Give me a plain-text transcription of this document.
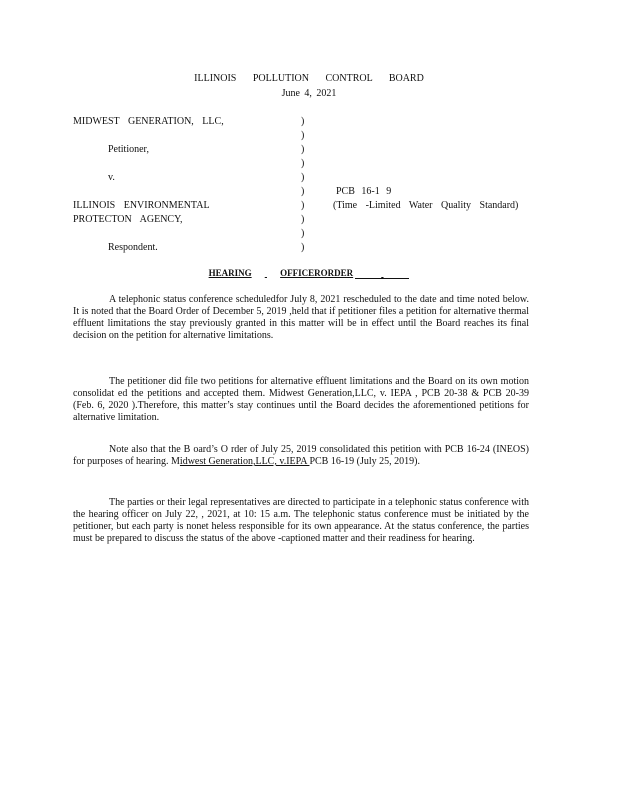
ILLINOIS POLLUTION CONTROL BOARD
June 4, 2021
MIDWEST GENERATION, LLC,
Petitioner,
v.
ILLINOIS ENVIRONMENTAL
PROTECTON AGENCY,
Respondent.
)
)
)
)
)
)
)
)
)
)
PCB 16-1 9
(Time -Limited Water Quality Standard)
HEARING	OFFICERORDER
A telephonic status conference scheduledfor July 8, 2021 rescheduled to the date and time noted below. It is noted that the Board Order of December 5, 2019 ,held that if petitioner files a petition for alternative thermal effluent limitations the stay previously granted in this matter will be in effect until the Board reaches its final decision on the petition for alternative limitations.
The petitioner did file two petitions for alternative effluent limitations and the Board on its own motion consolidat ed the petitions and accepted them. Midwest Generation,LLC, v. IEPA , PCB 20-38 & PCB 20-39 (Feb. 6, 2020 ).Therefore, this matter’s stay continues until the Board decides the aforementioned petitions for alternative limitation.
Note also that the B oard’s O rder of July 25, 2019 consolidated this petition with PCB 16-24 (INEOS) for purposes of hearing. Midwest Generation,LLC, v.IEPA PCB 16-19 (July 25, 2019).
The parties or their legal representatives are directed to participate in a telephonic status conference with the hearing officer on July 22, , 2021, at 10: 15 a.m. The telephonic status conference must be initiated by the petitioner, but each party is nonet heless responsible for its own appearance. At the status conference, the parties must be prepared to discuss the status of the above -captioned matter and their readiness for hearing.
